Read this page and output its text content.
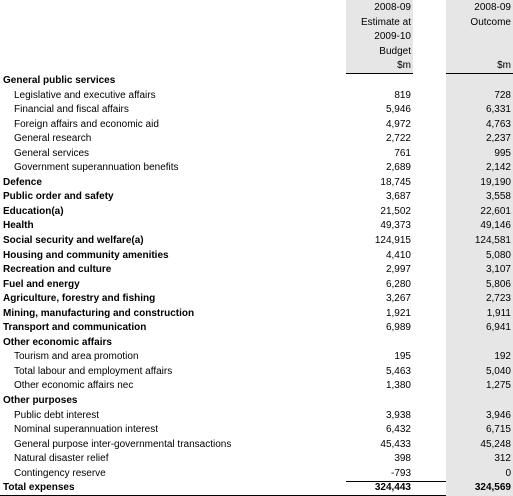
2008-09
Estimate at
2009-10
Budget
$m
2008-09
Outcome
$m
General public services
Legislative and executive affairs	819	728
Financial and fiscal affairs	5,946	6,331
Foreign affairs and economic aid	4,972	4,763
General research	2,722	2,237
General services	761	995
Government superannuation benefits	2,689	2,142
Defence	18,745	19,190
Public order and safety	3,687	3,558
Education(a)	21,502	22,601
Health	49,373	49,146
Social security and welfare(a)	124,915	124,581
Housing and community amenities	4,410	5,080
Recreation and culture	2,997	3,107
Fuel and energy	6,280	5,806
Agriculture, forestry and fishing	3,267	2,723
Mining, manufacturing and construction	1,921	1,911
Transport and communication	6,989	6,941
Other economic affairs
Tourism and area promotion	195	192
Total labour and employment affairs	5,463	5,040
Other economic affairs nec	1,380	1,275
Other purposes
Public debt interest	3,938	3,946
Nominal superannuation interest	6,432	6,715
General purpose inter-governmental transactions	45,433	45,248
Natural disaster relief	398	312
Contingency reserve	-793	0
Total expenses	324,443	324,569
